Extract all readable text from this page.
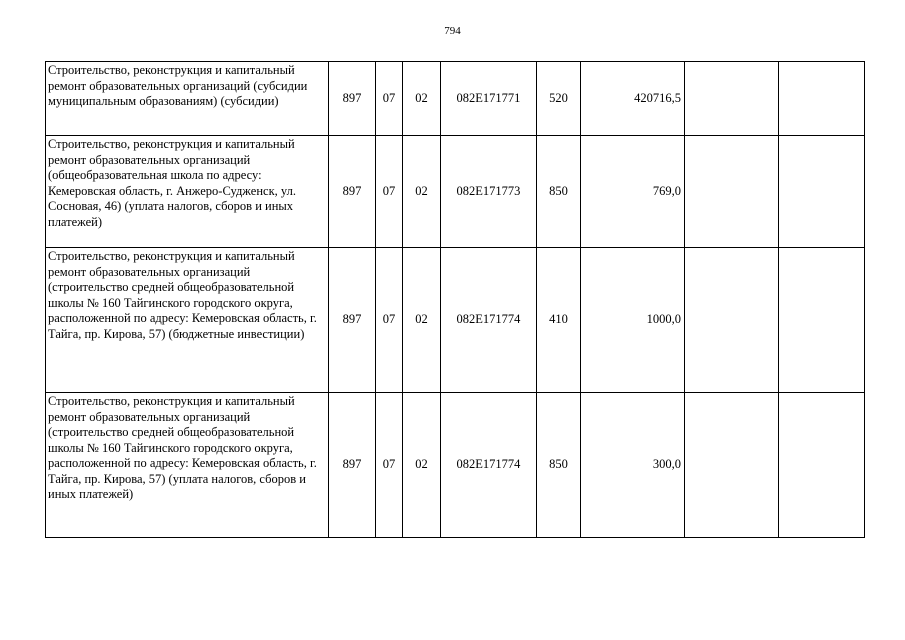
794
Строительство, реконструкция и капитальный ремонт образовательных организаций (субсидии муниципальным образованиям) (субсидии)	897	07	02	082E171771	520	420716,5		
Строительство, реконструкция и капитальный ремонт образовательных организаций (общеобразовательная школа по адресу: Кемеровская область, г. Анжеро-Судженск, ул. Сосновая, 46) (уплата налогов, сборов и иных платежей)	897	07	02	082E171773	850	769,0		
Строительство, реконструкция и капитальный ремонт образовательных организаций (строительство средней общеобразовательной школы № 160 Тайгинского городского округа, расположенной по адресу: Кемеровская область, г. Тайга, пр. Кирова, 57) (бюджетные инвестиции)	897	07	02	082E171774	410	1000,0		
Строительство, реконструкция и капитальный ремонт образовательных организаций (строительство средней общеобразовательной школы № 160 Тайгинского городского округа, расположенной по адресу: Кемеровская область, г. Тайга, пр. Кирова, 57) (уплата налогов, сборов и иных платежей)	897	07	02	082E171774	850	300,0		
